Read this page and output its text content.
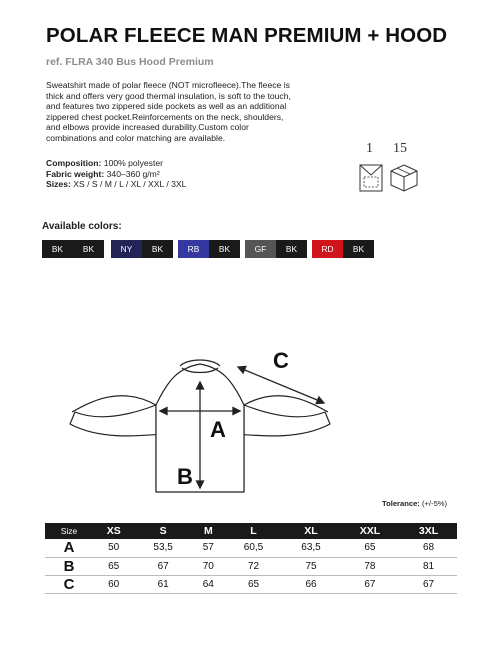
POLAR FLEECE MAN PREMIUM + HOOD
ref. FLRA 340 Bus Hood Premium
Sweatshirt made of polar fleece (NOT microfleece).The fleece is thick and offers very good thermal insulation, is soft to the touch, and features two zippered side pockets as well as an additional zippered chest pocket.Reinforcements on the neck, shoulders, and elbows provide increased durability.Custom color combinations and color matching are available.
Composition: 100% polyester
Fabric weight: 340–360 g/m²
Sizes: XS / S / M / L / XL / XXL / 3XL
1 15
Available colors:
BK	BK	NY	BK	RB	BK	GF	BK	RD	BK
A
B
C
Tolerance: (+/-5%)
Size	XS	S	M	L	XL	XXL	3XL
A	50	53,5	57	60,5	63,5	65	68
B	65	67	70	72	75	78	81
C	60	61	64	65	66	67	67
